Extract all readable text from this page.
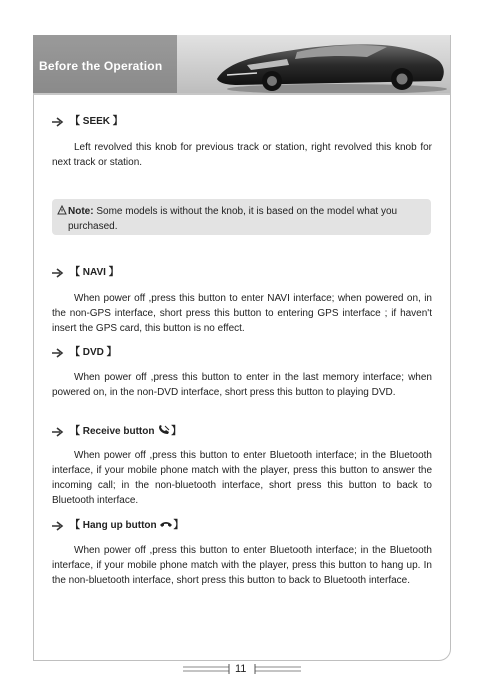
Before the Operation
【 SEEK 】
Left revolved this knob for previous track or station, right revolved this knob for next track or station.
Note: Some models is without the knob, it is based on the model what you purchased.
【 NAVI 】
When power off ,press this button to enter NAVI interface; when powered on, in the non-GPS interface, short press this button to entering GPS interface ; if haven't insert the GPS card, this button is no effect.
【 DVD 】
When power off ,press this button to enter in the last memory interface; when powered on, in the non-DVD interface, short press this button to playing DVD.
【 Receive button 】
When power off ,press this button to enter Bluetooth interface; in the Bluetooth interface, if your mobile phone match with the player, press this button to answer the incoming call; in the non-bluetooth interface, short press this button to back to Bluetooth interface.
【 Hang up button 】
When power off ,press this button to enter Bluetooth interface; in the Bluetooth interface, if your mobile phone match with the player, press this button to hang up. In the non-bluetooth interface, short press this button to back to Bluetooth interface.
11
